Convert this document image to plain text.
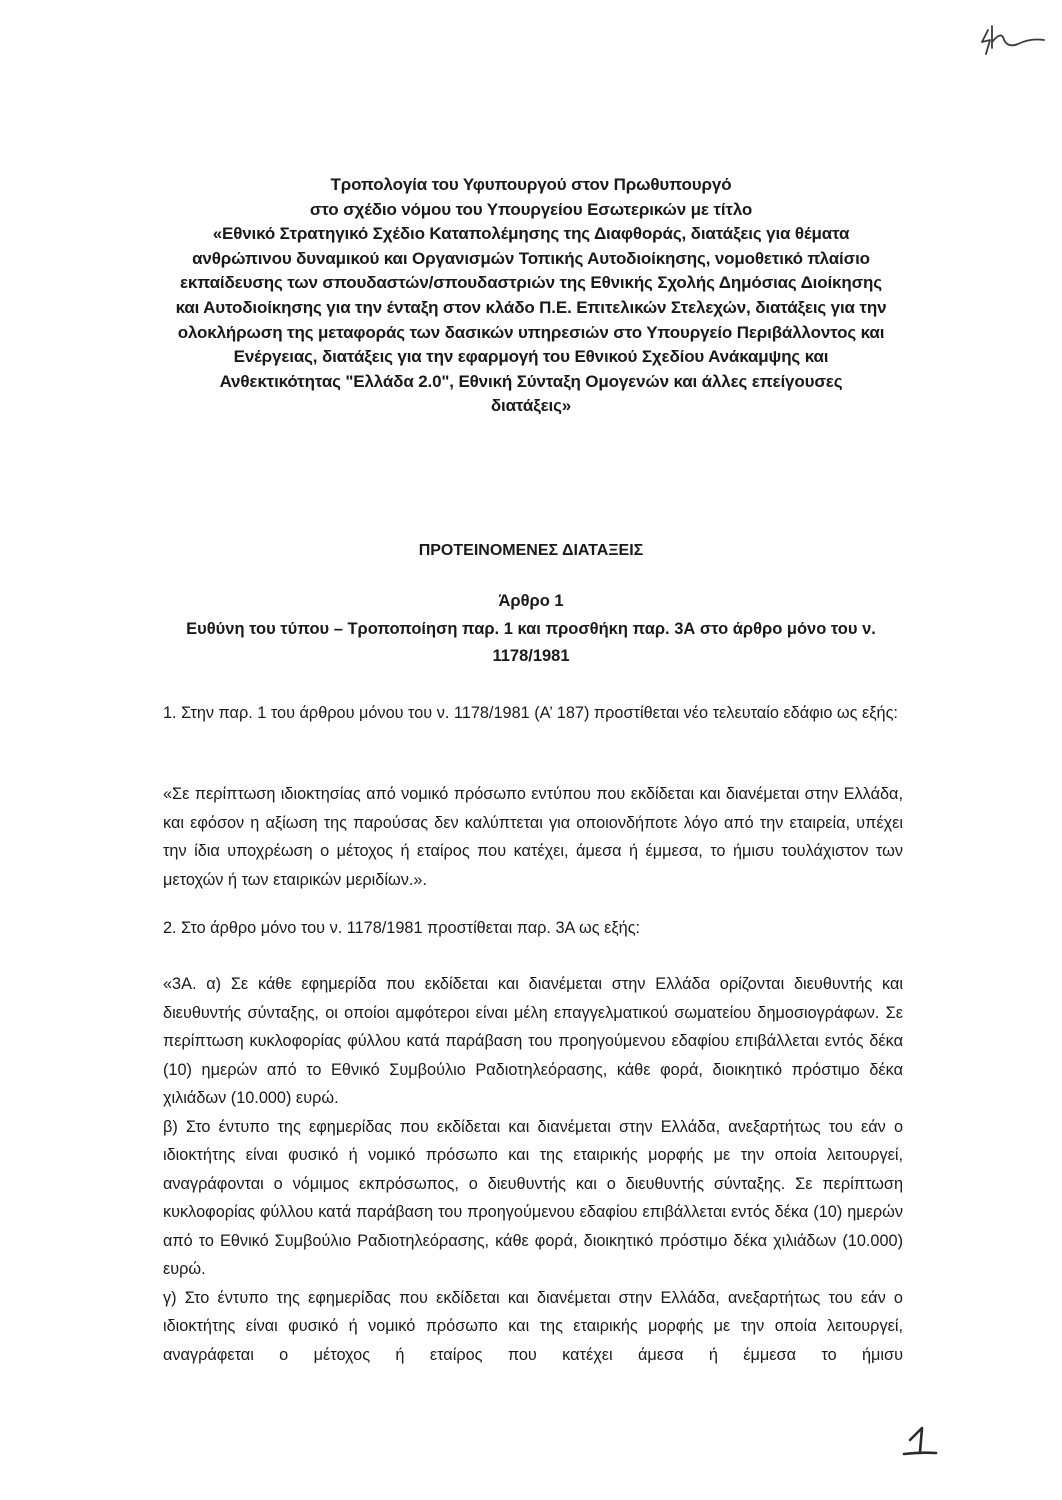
Τροπολογία του Υφυπουργού στον Πρωθυπουργό
στο σχέδιο νόμου του Υπουργείου Εσωτερικών με τίτλο
«Εθνικό Στρατηγικό Σχέδιο Καταπολέμησης της Διαφθοράς, διατάξεις για θέματα
ανθρώπινου δυναμικού και Οργανισμών Τοπικής Αυτοδιοίκησης, νομοθετικό πλαίσιο
εκπαίδευσης των σπουδαστών/σπουδαστριών της Εθνικής Σχολής Δημόσιας Διοίκησης
και Αυτοδιοίκησης για την ένταξη στον κλάδο Π.Ε. Επιτελικών Στελεχών, διατάξεις για την
ολοκλήρωση της μεταφοράς των δασικών υπηρεσιών στο Υπουργείο Περιβάλλοντος και
Ενέργειας, διατάξεις για την εφαρμογή του Εθνικού Σχεδίου Ανάκαμψης και
Ανθεκτικότητας "Ελλάδα 2.0", Εθνική Σύνταξη Ομογενών και άλλες επείγουσες
διατάξεις»
ΠΡΟΤΕΙΝΟΜΕΝΕΣ ΔΙΑΤΑΞΕΙΣ
Άρθρο 1
Ευθύνη του τύπου – Τροποποίηση παρ. 1 και προσθήκη παρ. 3Α στο άρθρο μόνο του ν.
1178/1981
1. Στην παρ. 1 του άρθρου μόνου του ν. 1178/1981 (Α’ 187) προστίθεται νέο τελευταίο εδάφιο ως εξής:
«Σε περίπτωση ιδιοκτησίας από νομικό πρόσωπο εντύπου που εκδίδεται και διανέμεται στην Ελλάδα, και εφόσον η αξίωση της παρούσας δεν καλύπτεται για οποιονδήποτε λόγο από την εταιρεία, υπέχει την ίδια υποχρέωση ο μέτοχος ή εταίρος που κατέχει, άμεσα ή έμμεσα, το ήμισυ τουλάχιστον των μετοχών ή των εταιρικών μεριδίων.».
2. Στο άρθρο μόνο του ν. 1178/1981 προστίθεται παρ. 3Α ως εξής:
«3Α. α) Σε κάθε εφημερίδα που εκδίδεται και διανέμεται στην Ελλάδα ορίζονται διευθυντής και διευθυντής σύνταξης, οι οποίοι αμφότεροι είναι μέλη επαγγελματικού σωματείου δημοσιογράφων. Σε περίπτωση κυκλοφορίας φύλλου κατά παράβαση του προηγούμενου εδαφίου επιβάλλεται εντός δέκα (10) ημερών από το Εθνικό Συμβούλιο Ραδιοτηλεόρασης, κάθε φορά, διοικητικό πρόστιμο δέκα χιλιάδων (10.000) ευρώ.
β) Στο έντυπο της εφημερίδας που εκδίδεται και διανέμεται στην Ελλάδα, ανεξαρτήτως του εάν ο ιδιοκτήτης είναι φυσικό ή νομικό πρόσωπο και της εταιρικής μορφής με την οποία λειτουργεί, αναγράφονται ο νόμιμος εκπρόσωπος, ο διευθυντής και ο διευθυντής σύνταξης. Σε περίπτωση κυκλοφορίας φύλλου κατά παράβαση του προηγούμενου εδαφίου επιβάλλεται εντός δέκα (10) ημερών από το Εθνικό Συμβούλιο Ραδιοτηλεόρασης, κάθε φορά, διοικητικό πρόστιμο δέκα χιλιάδων (10.000) ευρώ.
γ) Στο έντυπο της εφημερίδας που εκδίδεται και διανέμεται στην Ελλάδα, ανεξαρτήτως του εάν ο ιδιοκτήτης είναι φυσικό ή νομικό πρόσωπο και της εταιρικής μορφής με την οποία λειτουργεί, αναγράφεται ο μέτοχος ή εταίρος που κατέχει άμεσα ή έμμεσα το ήμισυ
